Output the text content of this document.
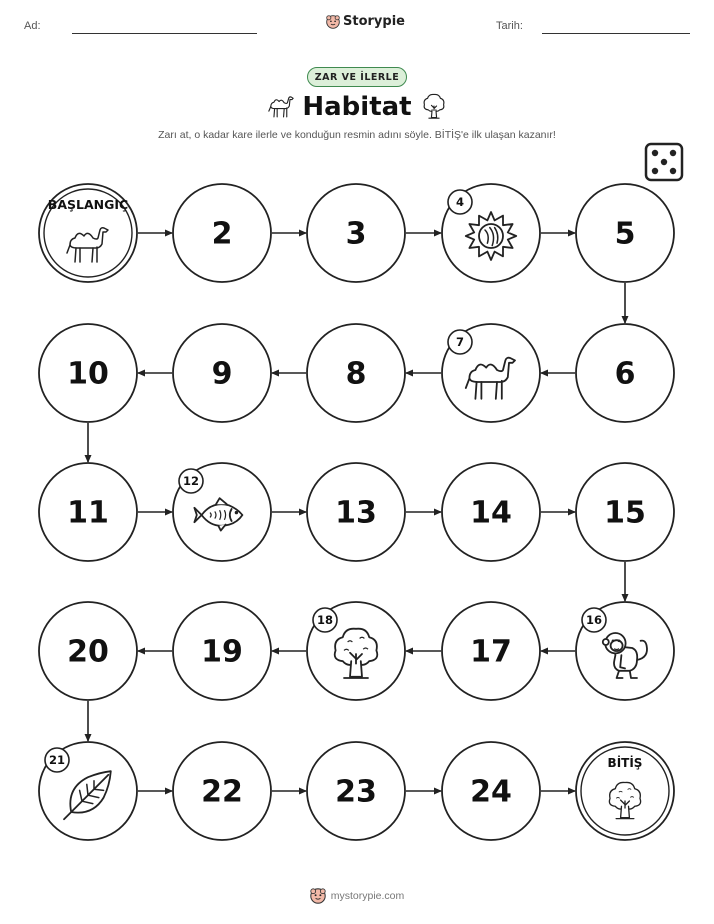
Ad:	Storypie	Tarih:
ZAR VE İLERLE
Habitat
Zarı at, o kadar kare ilerle ve konduğun resmin adını söyle. BİTİŞ'e ilk ulaşan kazanır!
BAŞLANGIÇ
2	3
4
5
6
7
8
9
10
11
12
13	14	15
16
17
18
19
20
21
22	23	24
BİTİŞ
mystorypie.com
